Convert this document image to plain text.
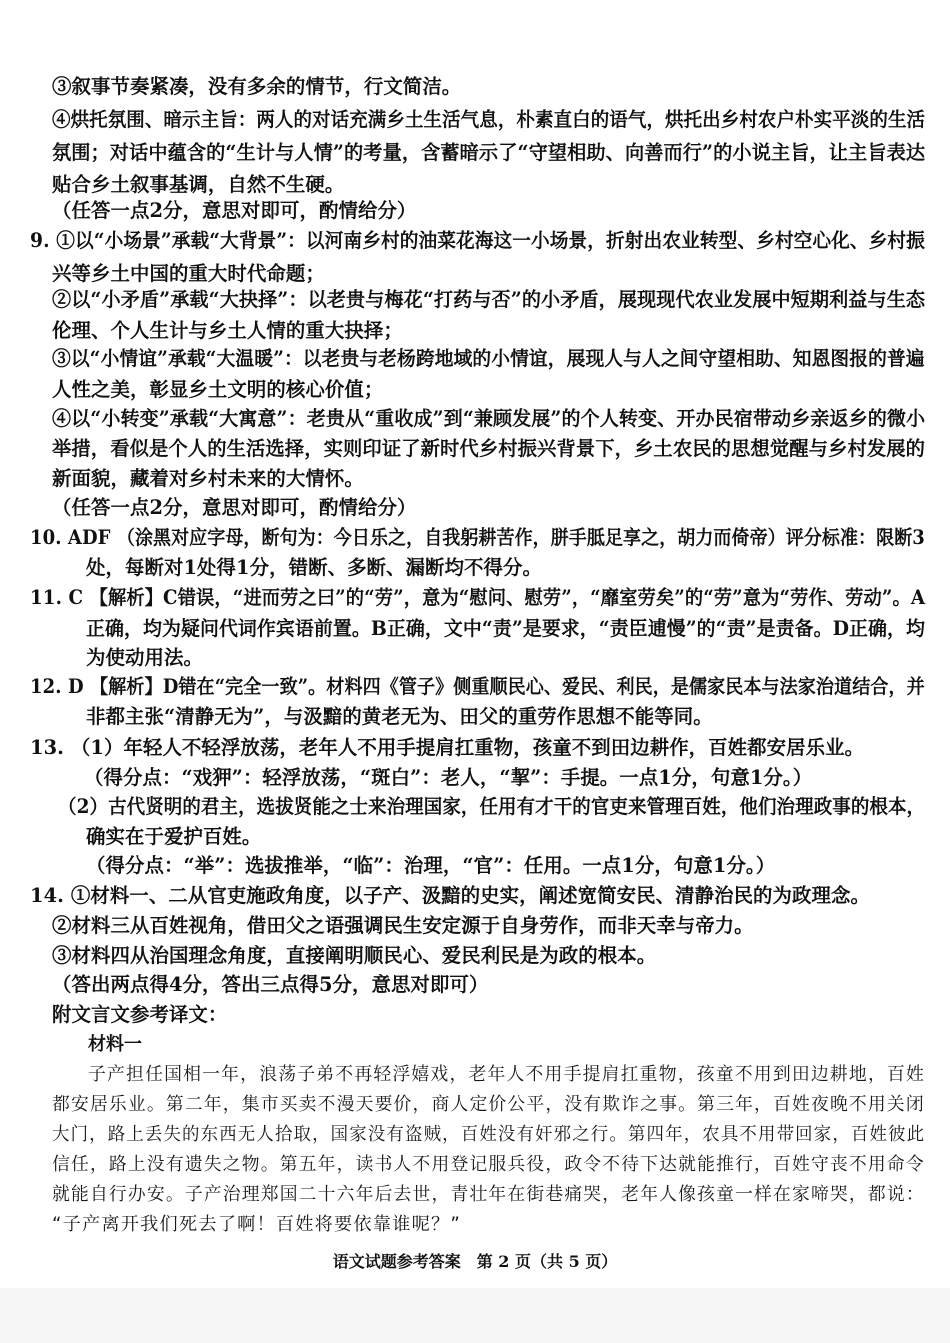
③叙事节奏紧凑，没有多余的情节，行文简洁。
④烘托氛围、暗示主旨：两人的对话充满乡土生活气息，朴素直白的语气，烘托出乡村农户朴实平淡的生活
氛围；对话中蕴含的“生计与人情”的考量，含蓄暗示了“守望相助、向善而行”的小说主旨，让主旨表达
贴合乡土叙事基调，自然不生硬。
（任答一点2分，意思对即可，酌情给分）
9. ①以“小场景”承载“大背景”：以河南乡村的油菜花海这一小场景，折射出农业转型、乡村空心化、乡村振
兴等乡土中国的重大时代命题；
②以“小矛盾”承载“大抉择”：以老贵与梅花“打药与否”的小矛盾，展现现代农业发展中短期利益与生态
伦理、个人生计与乡土人情的重大抉择；
③以“小情谊”承载“大温暖”：以老贵与老杨跨地域的小情谊，展现人与人之间守望相助、知恩图报的普遍
人性之美，彰显乡土文明的核心价值；
④以“小转变”承载“大寓意”：老贵从“重收成”到“兼顾发展”的个人转变、开办民宿带动乡亲返乡的微小
举措，看似是个人的生活选择，实则印证了新时代乡村振兴背景下，乡土农民的思想觉醒与乡村发展的
新面貌，藏着对乡村未来的大情怀。
（任答一点2分，意思对即可，酌情给分）
10. ADF （涂黑对应字母，断句为：今日乐之，自我躬耕苦作，胼手胝足享之，胡力而倚帝）评分标准：限断3
处，每断对1处得1分，错断、多断、漏断均不得分。
11. C 【解析】C错误，“进而劳之曰”的“劳”，意为“慰问、慰劳”，“靡室劳矣”的“劳”意为“劳作、劳动”。A
正确，均为疑问代词作宾语前置。B正确，文中“责”是要求，“责臣逋慢”的“责”是责备。D正确，均
为使动用法。
12. D 【解析】D错在“完全一致”。材料四《管子》侧重顺民心、爱民、利民，是儒家民本与法家治道结合，并
非都主张“清静无为”，与汲黯的黄老无为、田父的重劳作思想不能等同。
13. （1）年轻人不轻浮放荡，老年人不用手提肩扛重物，孩童不到田边耕作，百姓都安居乐业。
（得分点：“戏狎”：轻浮放荡，“斑白”：老人，“挈”：手提。一点1分，句意1分。）
（2）古代贤明的君主，选拔贤能之士来治理国家，任用有才干的官吏来管理百姓，他们治理政事的根本，
确实在于爱护百姓。
（得分点：“举”：选拔推举，“临”：治理，“官”：任用。一点1分，句意1分。）
14. ①材料一、二从官吏施政角度，以子产、汲黯的史实，阐述宽简安民、清静治民的为政理念。
②材料三从百姓视角，借田父之语强调民生安定源于自身劳作，而非天幸与帝力。
③材料四从治国理念角度，直接阐明顺民心、爱民利民是为政的根本。
（答出两点得4分，答出三点得5分，意思对即可）
附文言文参考译文：
材料一
子产担任国相一年，浪荡子弟不再轻浮嬉戏，老年人不用手提肩扛重物，孩童不用到田边耕地，百姓
都安居乐业。第二年，集市买卖不漫天要价，商人定价公平，没有欺诈之事。第三年，百姓夜晚不用关闭
大门，路上丢失的东西无人拾取，国家没有盗贼，百姓没有奸邪之行。第四年，农具不用带回家，百姓彼此
信任，路上没有遗失之物。第五年，读书人不用登记服兵役，政令不待下达就能推行，百姓守丧不用命令
就能自行办安。子产治理郑国二十六年后去世，青壮年在街巷痛哭，老年人像孩童一样在家啼哭，都说：
“子产离开我们死去了啊！百姓将要依靠谁呢？”
语文试题参考答案　第 2 页（共 5 页）
